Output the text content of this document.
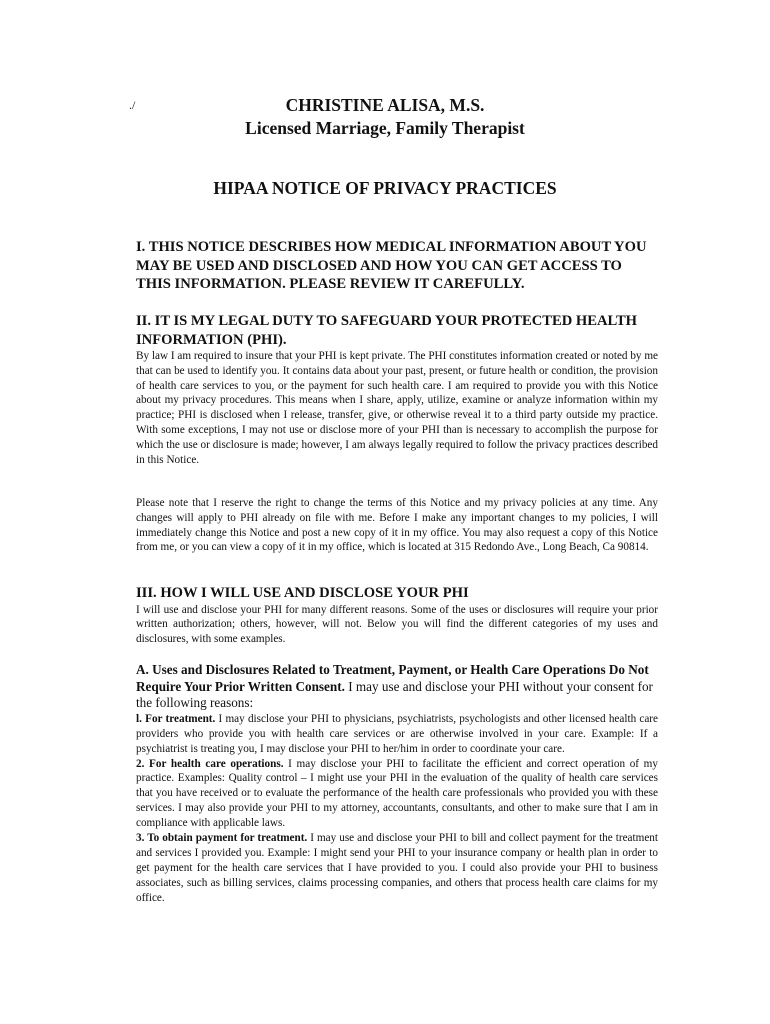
./	CHRISTINE ALISA, M.S.
Licensed Marriage, Family Therapist
HIPAA NOTICE OF PRIVACY PRACTICES

I. THIS NOTICE DESCRIBES HOW MEDICAL INFORMATION ABOUT YOU MAY BE USED AND DISCLOSED AND HOW YOU CAN GET ACCESS TO THIS INFORMATION. PLEASE REVIEW IT CAREFULLY.

II. IT IS MY LEGAL DUTY TO SAFEGUARD YOUR PROTECTED HEALTH INFORMATION (PHI).

By law I am required to insure that your PHI is kept private. The PHI constitutes information created or noted by me that can be used to identify you. It contains data about your past, present, or future health or condition, the provision of health care services to you, or the payment for such health care. I am required to provide you with this Notice about my privacy procedures. This means when I share, apply, utilize, examine or analyze information within my practice; PHI is disclosed when I release, transfer, give, or otherwise reveal it to a third party outside my practice. With some exceptions, I may not use or disclose more of your PHI than is necessary to accomplish the purpose for which the use or disclosure is made; however, I am always legally required to follow the privacy practices described in this Notice.

Please note that I reserve the right to change the terms of this Notice and my privacy policies at any time. Any changes will apply to PHI already on file with me. Before I make any important changes to my policies, I will immediately change this Notice and post a new copy of it in my office. You may also request a copy of this Notice from me, or you can view a copy of it in my office, which is located at 315 Redondo Ave., Long Beach, Ca 90814.

III. HOW I WILL USE AND DISCLOSE YOUR PHI

I will use and disclose your PHI for many different reasons. Some of the uses or disclosures will require your prior written authorization; others, however, will not. Below you will find the different categories of my uses and disclosures, with some examples.

A. Uses and Disclosures Related to Treatment, Payment, or Health Care Operations Do Not Require Your Prior Written Consent. I may use and disclose your PHI without your consent for the following reasons:

l. For treatment. I may disclose your PHI to physicians, psychiatrists, psychologists and other licensed health care providers who provide you with health care services or are otherwise involved in your care. Example: If a psychiatrist is treating you, I may disclose your PHI to her/him in order to coordinate your care.

2. For health care operations. I may disclose your PHI to facilitate the efficient and correct operation of my practice. Examples: Quality control – I might use your PHI in the evaluation of the quality of health care services that you have received or to evaluate the performance of the health care professionals who provided you with these services. I may also provide your PHI to my attorney, accountants, consultants, and other to make sure that I am in compliance with applicable laws.

3. To obtain payment for treatment. I may use and disclose your PHI to bill and collect payment for the treatment and services I provided you. Example: I might send your PHI to your insurance company or health plan in order to get payment for the health care services that I have provided to you. I could also provide your PHI to business associates, such as billing services, claims processing companies, and others that process health care claims for my office.
